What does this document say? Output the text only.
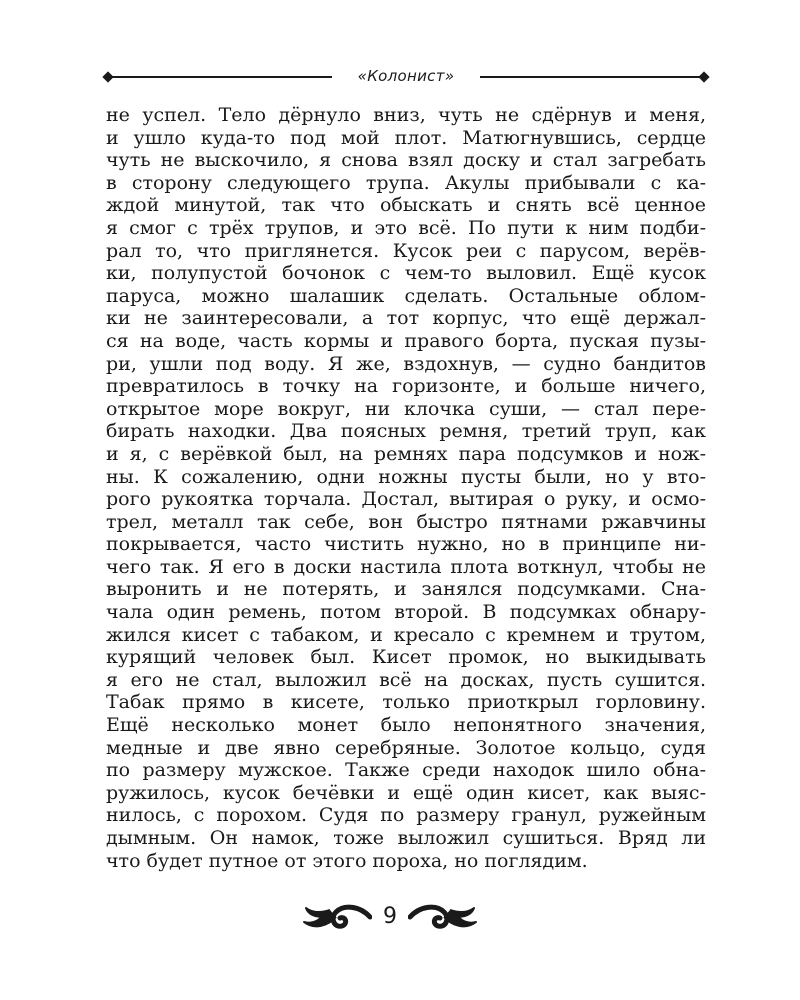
«Колонист»
не успел. Тело дёрнуло вниз, чуть не сдёрнув и меня,
и ушло куда-то под мой плот. Матюгнувшись, сердце
чуть не выскочило, я снова взял доску и стал загребать
в сторону следующего трупа. Акулы прибывали с ка-
ждой минутой, так что обыскать и снять всё ценное
я смог с трёх трупов, и это всё. По пути к ним подби-
рал то, что приглянется. Кусок реи с парусом, верёв-
ки, полупустой бочонок с чем-то выловил. Ещё кусок
паруса, можно шалашик сделать. Остальные облом-
ки не заинтересовали, а тот корпус, что ещё держал-
ся на воде, часть кормы и правого борта, пуская пузы-
ри, ушли под воду. Я же, вздохнув, — судно бандитов
превратилось в точку на горизонте, и больше ничего,
открытое море вокруг, ни клочка суши, — стал пере-
бирать находки. Два поясных ремня, третий труп, как
и я, с верёвкой был, на ремнях пара подсумков и нож-
ны. К сожалению, одни ножны пусты были, но у вто-
рого рукоятка торчала. Достал, вытирая о руку, и осмо-
трел, металл так себе, вон быстро пятнами ржавчины
покрывается, часто чистить нужно, но в принципе ни-
чего так. Я его в доски настила плота воткнул, чтобы не
выронить и не потерять, и занялся подсумками. Сна-
чала один ремень, потом второй. В подсумках обнару-
жился кисет с табаком, и кресало с кремнем и трутом,
курящий человек был. Кисет промок, но выкидывать
я его не стал, выложил всё на досках, пусть сушится.
Табак прямо в кисете, только приоткрыл горловину.
Ещё несколько монет было непонятного значения,
медные и две явно серебряные. Золотое кольцо, судя
по размеру мужское. Также среди находок шило обна-
ружилось, кусок бечёвки и ещё один кисет, как выяс-
нилось, с порохом. Судя по размеру гранул, ружейным
дымным. Он намок, тоже выложил сушиться. Вряд ли
что будет путное от этого пороха, но поглядим.
9
